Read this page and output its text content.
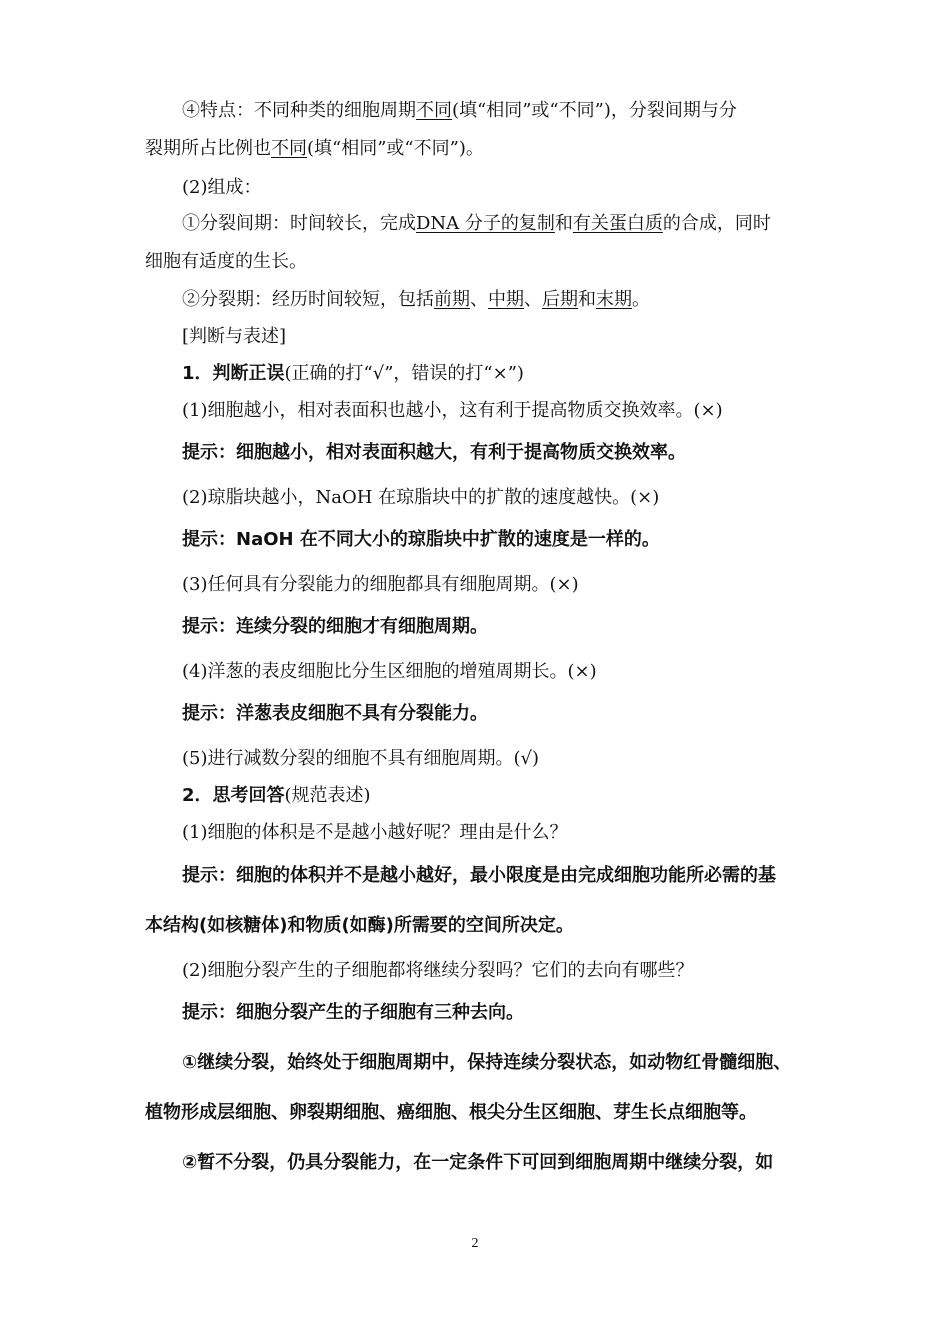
④特点：不同种类的细胞周期不同(填“相同”或“不同”)，分裂间期与分
裂期所占比例也不同(填“相同”或“不同”)。
(2)组成：
①分裂间期：时间较长，完成DNA 分子的复制和有关蛋白质的合成，同时
细胞有适度的生长。
②分裂期：经历时间较短，包括前期、中期、后期和末期。
[判断与表述]
1．判断正误(正确的打“√”，错误的打“×”)
(1)细胞越小，相对表面积也越小，这有利于提高物质交换效率。(×)
提示：细胞越小，相对表面积越大，有利于提高物质交换效率。
(2)琼脂块越小，NaOH 在琼脂块中的扩散的速度越快。(×)
提示：NaOH 在不同大小的琼脂块中扩散的速度是一样的。
(3)任何具有分裂能力的细胞都具有细胞周期。(×)
提示：连续分裂的细胞才有细胞周期。
(4)洋葱的表皮细胞比分生区细胞的增殖周期长。(×)
提示：洋葱表皮细胞不具有分裂能力。
(5)进行减数分裂的细胞不具有细胞周期。(√)
2．思考回答(规范表述)
(1)细胞的体积是不是越小越好呢？理由是什么？
提示：细胞的体积并不是越小越好，最小限度是由完成细胞功能所必需的基
本结构(如核糖体)和物质(如酶)所需要的空间所决定。
(2)细胞分裂产生的子细胞都将继续分裂吗？它们的去向有哪些？
提示：细胞分裂产生的子细胞有三种去向。
①继续分裂，始终处于细胞周期中，保持连续分裂状态，如动物红骨髓细胞、
植物形成层细胞、卵裂期细胞、癌细胞、根尖分生区细胞、芽生长点细胞等。
②暂不分裂，仍具分裂能力，在一定条件下可回到细胞周期中继续分裂，如
2
